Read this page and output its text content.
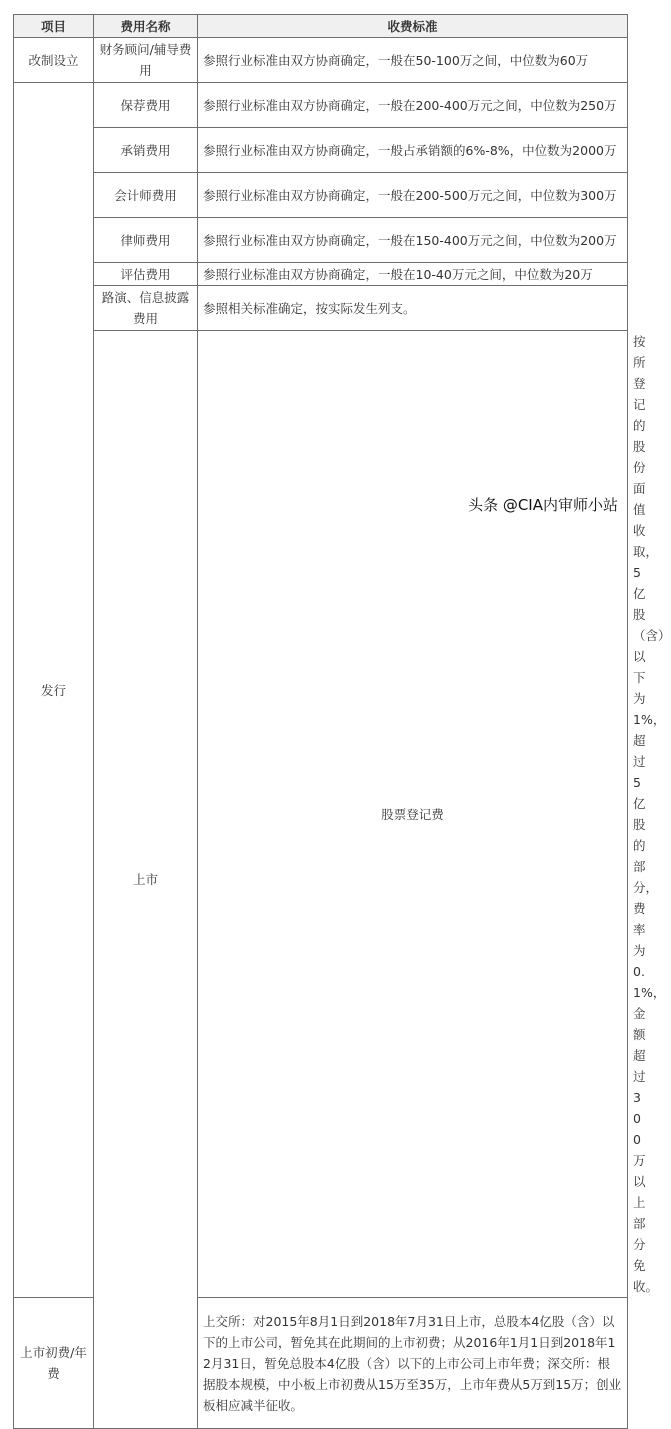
项目	费用名称	收费标准	
改制设立	财务顾问/辅导费用	参照行业标准由双方协商确定，一般在50-100万之间，中位数为60万	
发行	保荐费用	参照行业标准由双方协商确定，一般在200-400万元之间，中位数为250万	
	承销费用	参照行业标准由双方协商确定，一般占承销额的6%-8%，中位数为2000万	
	会计师费用	参照行业标准由双方协商确定，一般在200-500万元之间，中位数为300万	
	律师费用	参照行业标准由双方协商确定，一般在150-400万元之间，中位数为200万	
	评估费用	参照行业标准由双方协商确定，一般在10-40万元之间，中位数为20万	
	路演、信息披露费用	参照相关标准确定，按实际发生列支。	
	上市	股票登记费	按所登记的股份面值收取，5亿股（含）以下为1%，超过5亿股的部分，费率为0.1%，金额超过300万以上部分免收。
上市初费/年费		上交所：对2015年8月1日到2018年7月31日上市，总股本4亿股（含）以下的上市公司，暂免其在此期间的上市初费；从2016年1月1日到2018年12月31日，暂免总股本4亿股（含）以下的上市公司上市年费；深交所：根据股本规模，中小板上市初费从15万至35万，上市年费从5万到15万；创业板相应减半征收。	
头条 @CIA内审师小站
